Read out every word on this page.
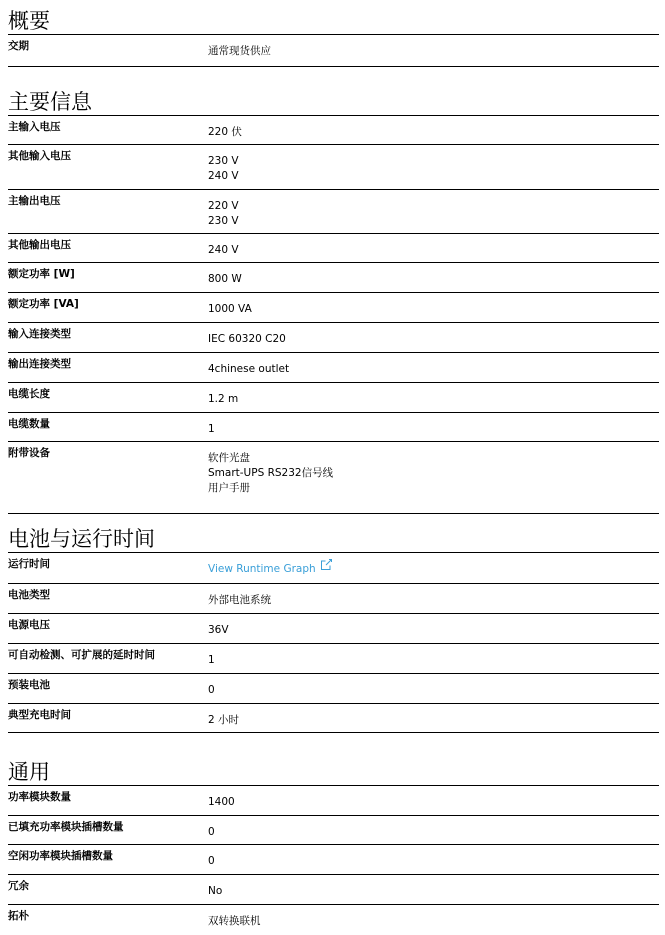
概要
交期	通常现货供应
主要信息
主输入电压	220 伏
其他输入电压	230 V
240 V
主输出电压	220 V
230 V
其他输出电压	240 V
额定功率 [W]	800 W
额定功率 [VA]	1000 VA
输入连接类型	IEC 60320 C20
输出连接类型	4chinese outlet
电缆长度	1.2 m
电缆数量	1
附带设备	软件光盘
Smart-UPS RS232信号线
用户手册
电池与运行时间
运行时间	View Runtime Graph
电池类型	外部电池系统
电源电压	36V
可自动检测、可扩展的延时时间	1
预装电池	0
典型充电时间	2 小时
通用
功率模块数量	1400
已填充功率模块插槽数量	0
空闲功率模块插槽数量	0
冗余	No
拓朴	双转换联机
